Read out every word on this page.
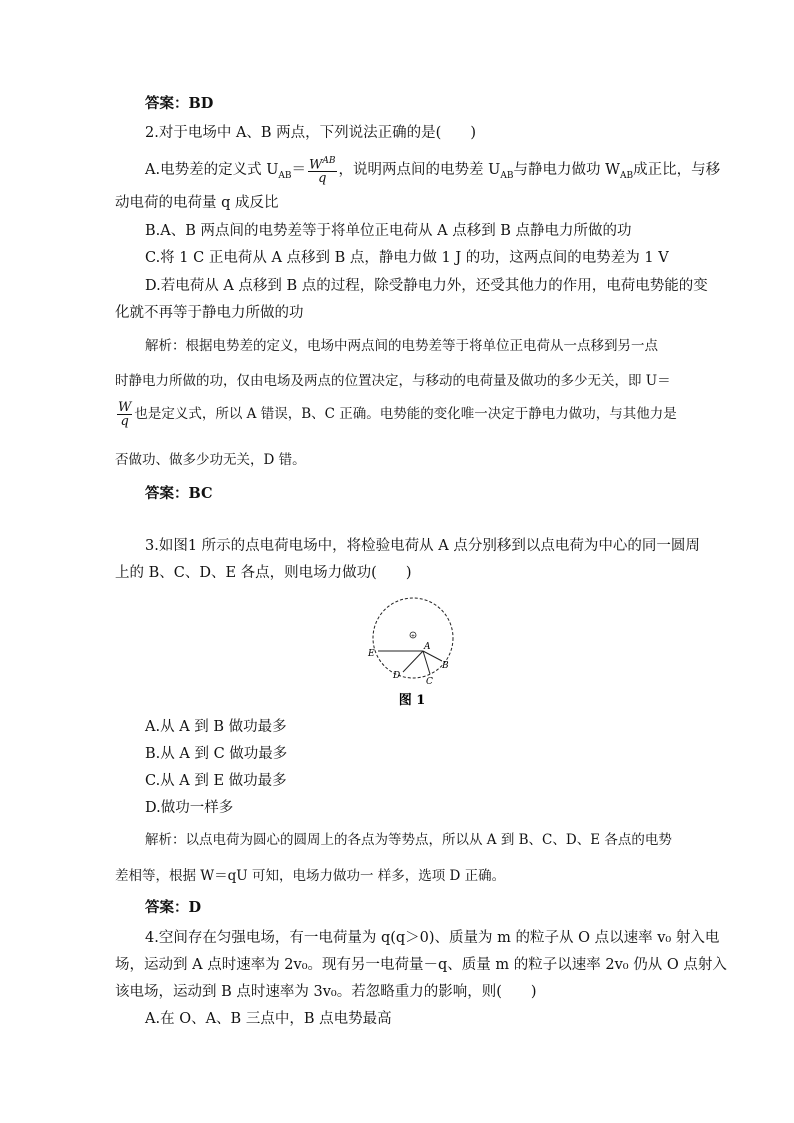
答案：BD
2.对于电场中 A、B 两点，下列说法正确的是(　　)
A.电势差的定义式 $U_{AB}= \frac{W^{AB}}{q}$ ，说明两点间的电势差 $U_{AB}$与静电力做功 $W_{AB}$成正比，与移
动电荷的电荷量 q 成反比
B.A、B 两点间的电势差等于将单位正电荷从 A 点移到 B 点静电力所做的功
C.将 1 C 正电荷从 A 点移到 B 点，静电力做 1 J 的功，这两点间的电势差为 1 V
D.若电荷从 A 点移到 B 点的过程，除受静电力外，还受其他力的作用，电荷电势能的变
化就不再等于静电力所做的功
解析：根据电势差的定义，电场中两点间的电势差等于将单位正电荷从一点移到另一点
时静电力所做的功，仅由电场及两点的位置决定，与移动的电荷量及做功的多少无关，即 U＝
$\frac{W}{q}$ 也是定义式，所以 A 错误，B、C 正确。电势能的变化唯一决定于静电力做功，与其他力是
否做功、做多少功无关，D 错。
答案：BC
3.如图1 所示的点电荷电场中，将检验电荷从 A 点分别移到以点电荷为中心的同一圆周
上的 B、C、D、E 各点，则电场力做功(　　)
+
A
B
C
D
E
图 1
A.从 A 到 B 做功最多
B.从 A 到 C 做功最多
C.从 A 到 E 做功最多
D.做功一样多
解析：以点电荷为圆心的圆周上的各点为等势点，所以从 A 到 B、C、D、E 各点的电势
差相等，根据 W＝qU 可知，电场力做功一 样多，选项 D 正确。
答案：D
4.空间存在匀强电场，有一电荷量为 q(q＞0)、质量为 m 的粒子从 O 点以速率 v₀ 射入电
场，运动到 A 点时速率为 2v₀。现有另一电荷量－q、质量 m 的粒子以速率 2v₀ 仍从 O 点射入
该电场，运动到 B 点时速率为 3v₀。若忽略重力的影响，则(　　)
A.在 O、A、B 三点中，B 点电势最高
